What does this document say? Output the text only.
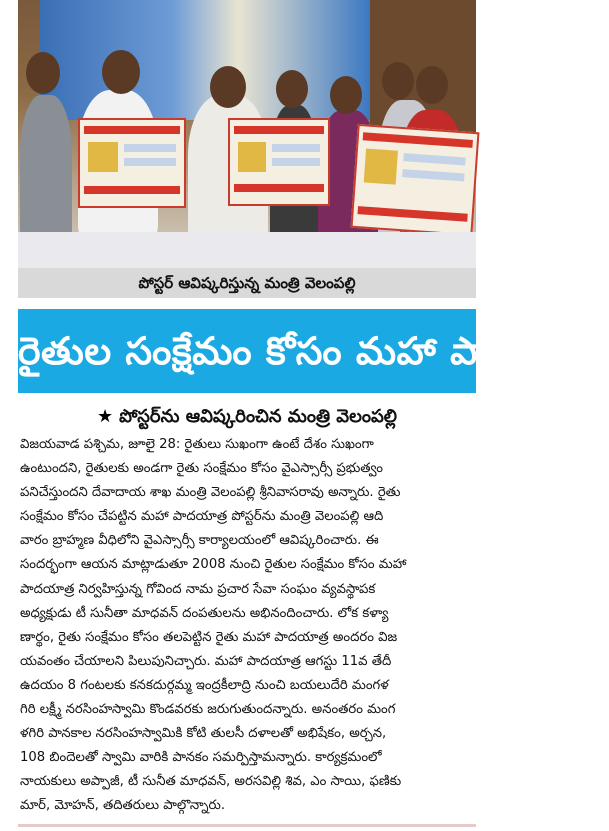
పోస్టర్ ఆవిష్కరిస్తున్న మంత్రి వెలంపల్లి
రైతుల సంక్షేమం కోసం మహా పాదయాత్ర
★ పోస్టర్‌ను ఆవిష్కరించిన మంత్రి వెలంపల్లి
విజయవాడ పశ్చిమ, జూలై 28: రైతులు సుఖంగా ఉంటే దేశం సుఖంగా
ఉంటుందని, రైతులకు అండగా రైతు సంక్షేమం కోసం వైఎస్సార్సీ ప్రభుత్వం
పనిచేస్తుందని దేవాదాయ శాఖ మంత్రి వెలంపల్లి శ్రీనివాసరావు అన్నారు. రైతు
సంక్షేమం కోసం చేపట్టిన మహా పాదయాత్ర పోస్టర్‌ను మంత్రి వెలంపల్లి ఆది
వారం బ్రాహ్మణ వీధిలోని వైఎస్సార్సీ కార్యాలయంలో ఆవిష్కరించారు. ఈ
సందర్భంగా ఆయన మాట్లాడుతూ 2008 నుంచి రైతుల సంక్షేమం కోసం మహా
పాదయాత్ర నిర్వహిస్తున్న గోవింద నామ ప్రచార సేవా సంఘం వ్యవస్థాపక
అధ్యక్షుడు టీ సునీతా మాధవన్ దంపతులను అభినందించారు. లోక కళ్యా
ణార్థం, రైతు సంక్షేమం కోసం తలపెట్టిన రైతు మహా పాదయాత్ర అందరం విజ
యవంతం చేయాలని పిలుపునిచ్చారు. మహా పాదయాత్ర ఆగస్టు 11వ తేదీ
ఉదయం 8 గంటలకు కనకదుర్గమ్మ ఇంద్రకీలాద్రి నుంచి బయలుదేరి మంగళ
గిరి లక్ష్మీ నరసింహస్వామి కొండవరకు జరుగుతుందన్నారు. అనంతరం మంగ
ళగిరి పానకాల నరసింహస్వామికి కోటి తులసీ దళాలతో అభిషేకం, అర్చన,
108 బిందెలతో స్వామి వారికి పానకం సమర్పిస్తామన్నారు. కార్యక్రమంలో
నాయకులు అప్పాజీ, టీ సునీత మాధవన్, అరసవిల్లి శివ, ఎం సాయి, ఫణికు
మార్, మోహన్, తదితరులు పాల్గొన్నారు.
